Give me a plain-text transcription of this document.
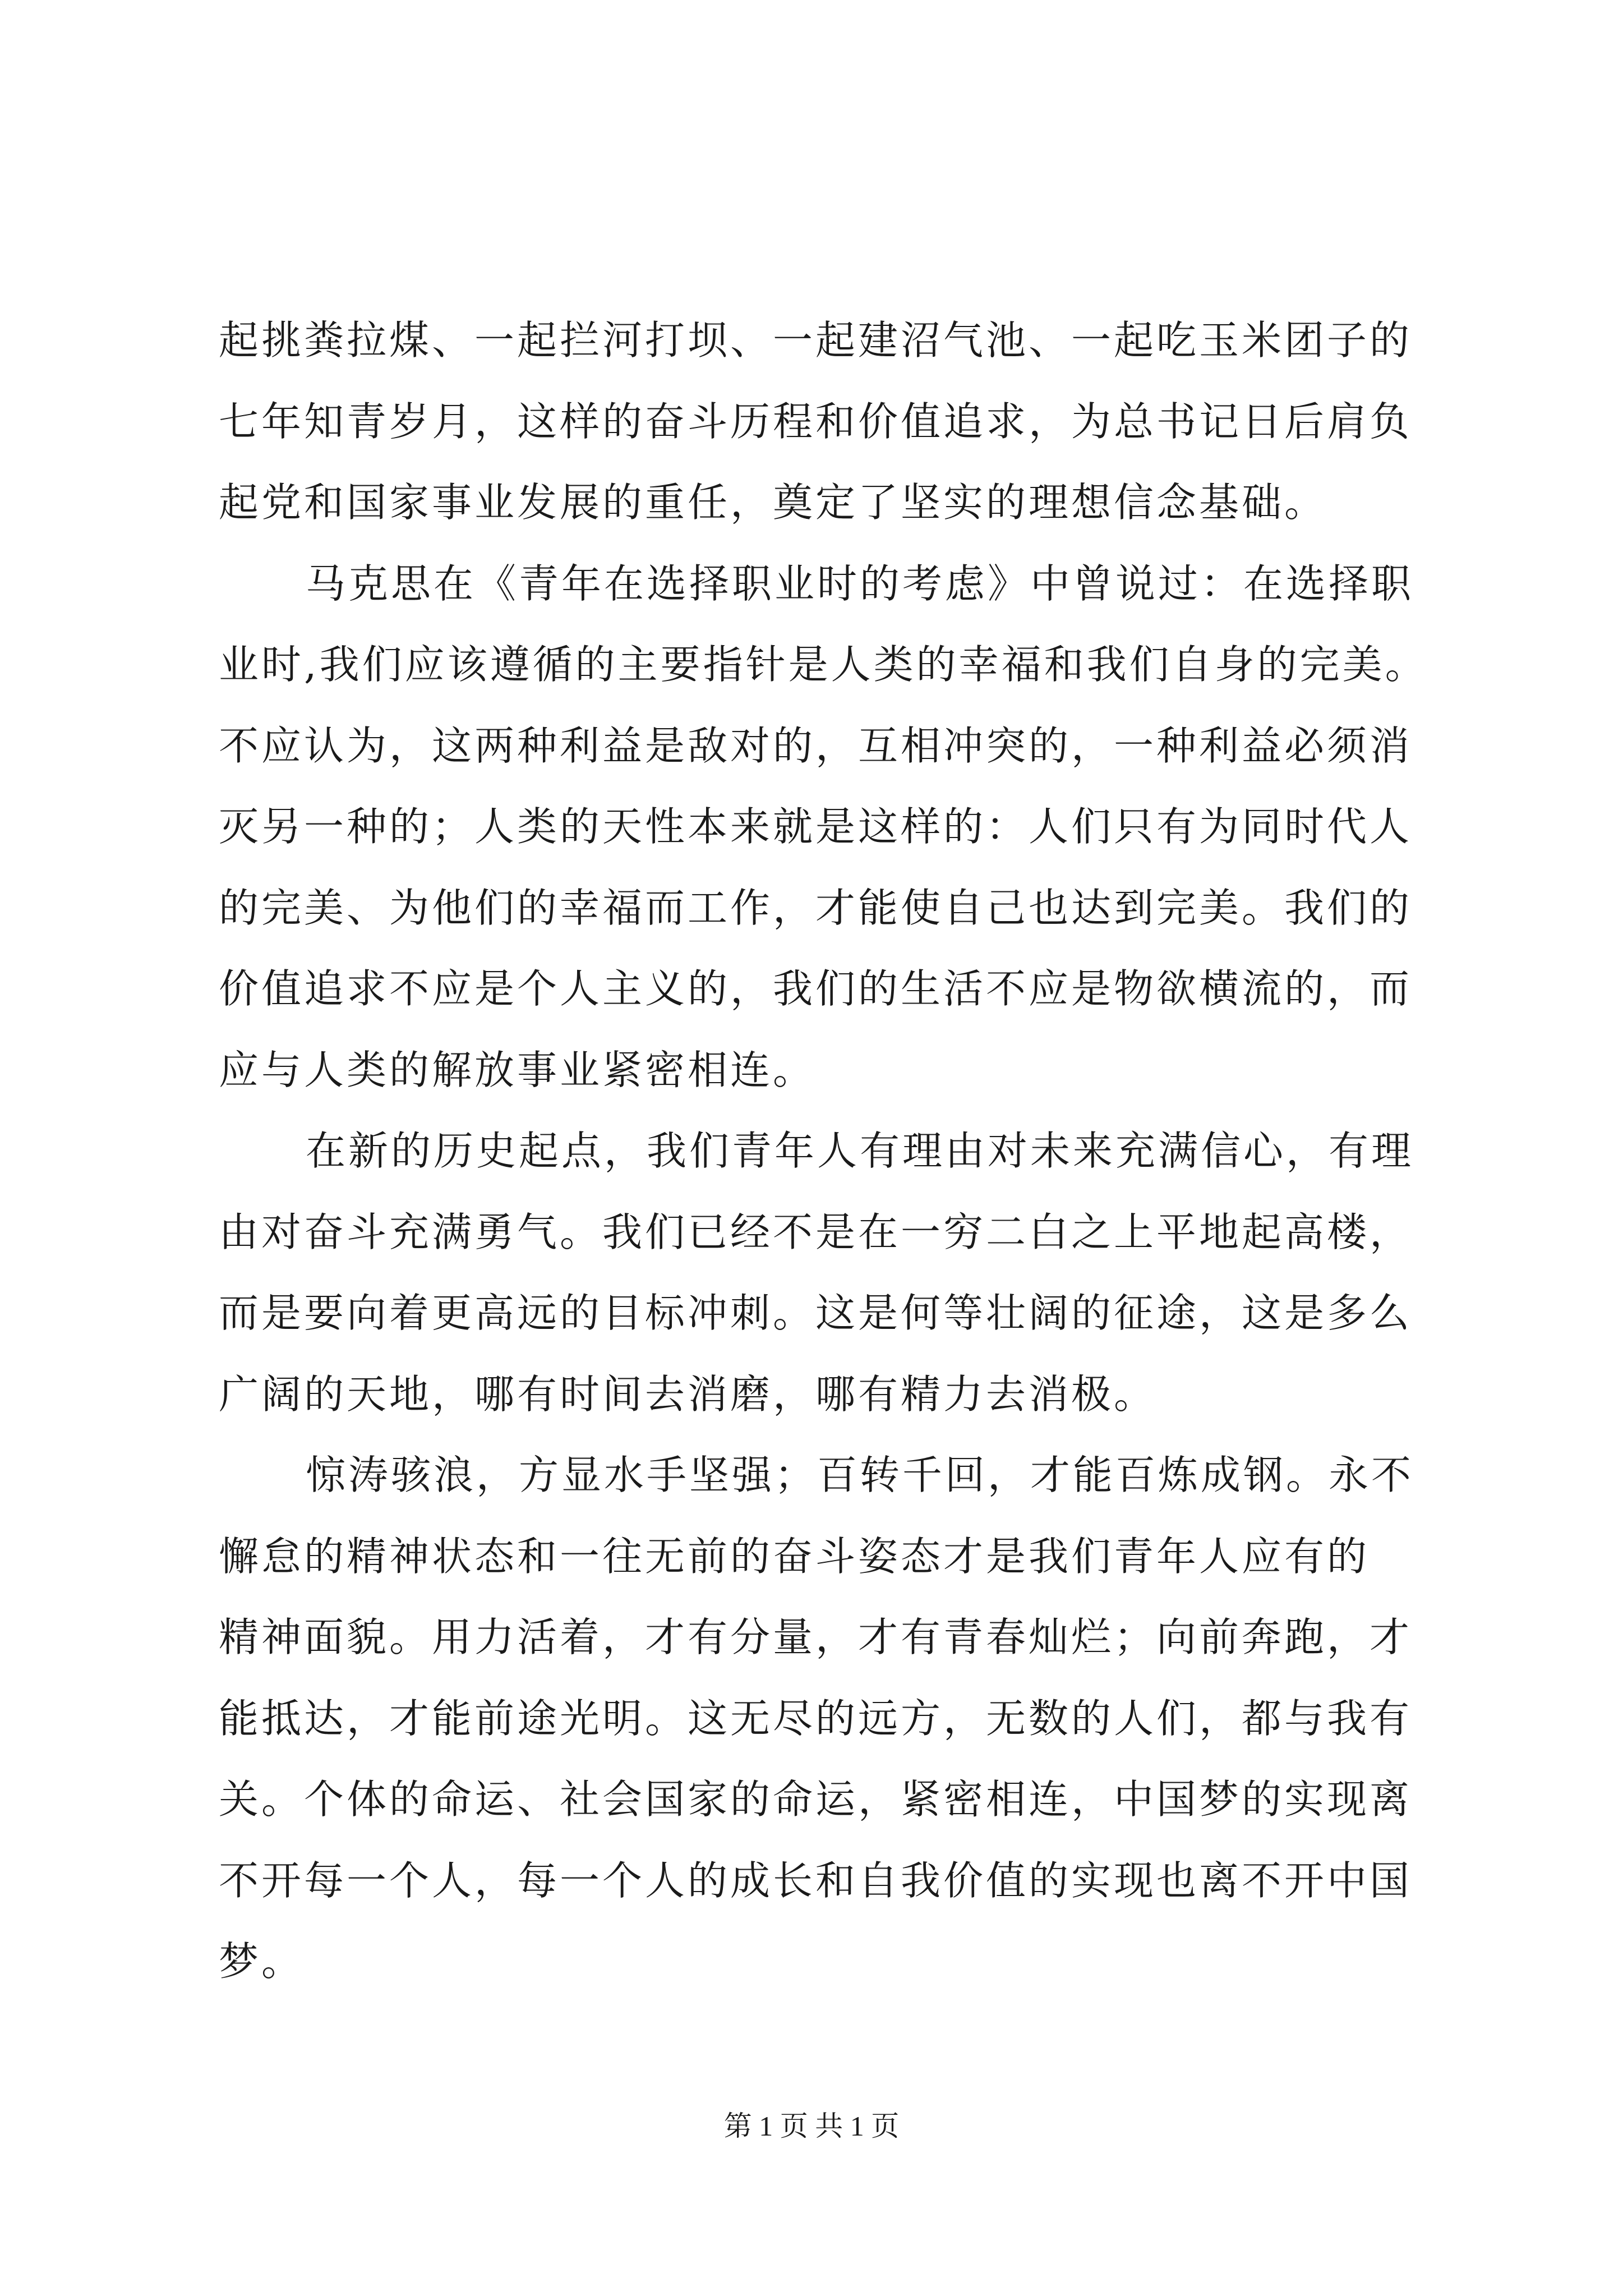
起挑粪拉煤、一起拦河打坝、一起建沼气池、一起吃玉米团子的
七年知青岁月，这样的奋斗历程和价值追求，为总书记日后肩负
起党和国家事业发展的重任，奠定了坚实的理想信念基础。
马克思在《青年在选择职业时的考虑》中曾说过：在选择职
业时,我们应该遵循的主要指针是人类的幸福和我们自身的完美。
不应认为，这两种利益是敌对的，互相冲突的，一种利益必须消
灭另一种的；人类的天性本来就是这样的：人们只有为同时代人
的完美、为他们的幸福而工作，才能使自己也达到完美。我们的
价值追求不应是个人主义的，我们的生活不应是物欲横流的，而
应与人类的解放事业紧密相连。
在新的历史起点，我们青年人有理由对未来充满信心，有理
由对奋斗充满勇气。我们已经不是在一穷二白之上平地起高楼，
而是要向着更高远的目标冲刺。这是何等壮阔的征途，这是多么
广阔的天地，哪有时间去消磨，哪有精力去消极。
惊涛骇浪，方显水手坚强；百转千回，才能百炼成钢。永不
懈怠的精神状态和一往无前的奋斗姿态才是我们青年人应有的
精神面貌。用力活着，才有分量，才有青春灿烂；向前奔跑，才
能抵达，才能前途光明。这无尽的远方，无数的人们，都与我有
关。个体的命运、社会国家的命运，紧密相连，中国梦的实现离
不开每一个人，每一个人的成长和自我价值的实现也离不开中国
梦。
第 1 页 共 1 页
